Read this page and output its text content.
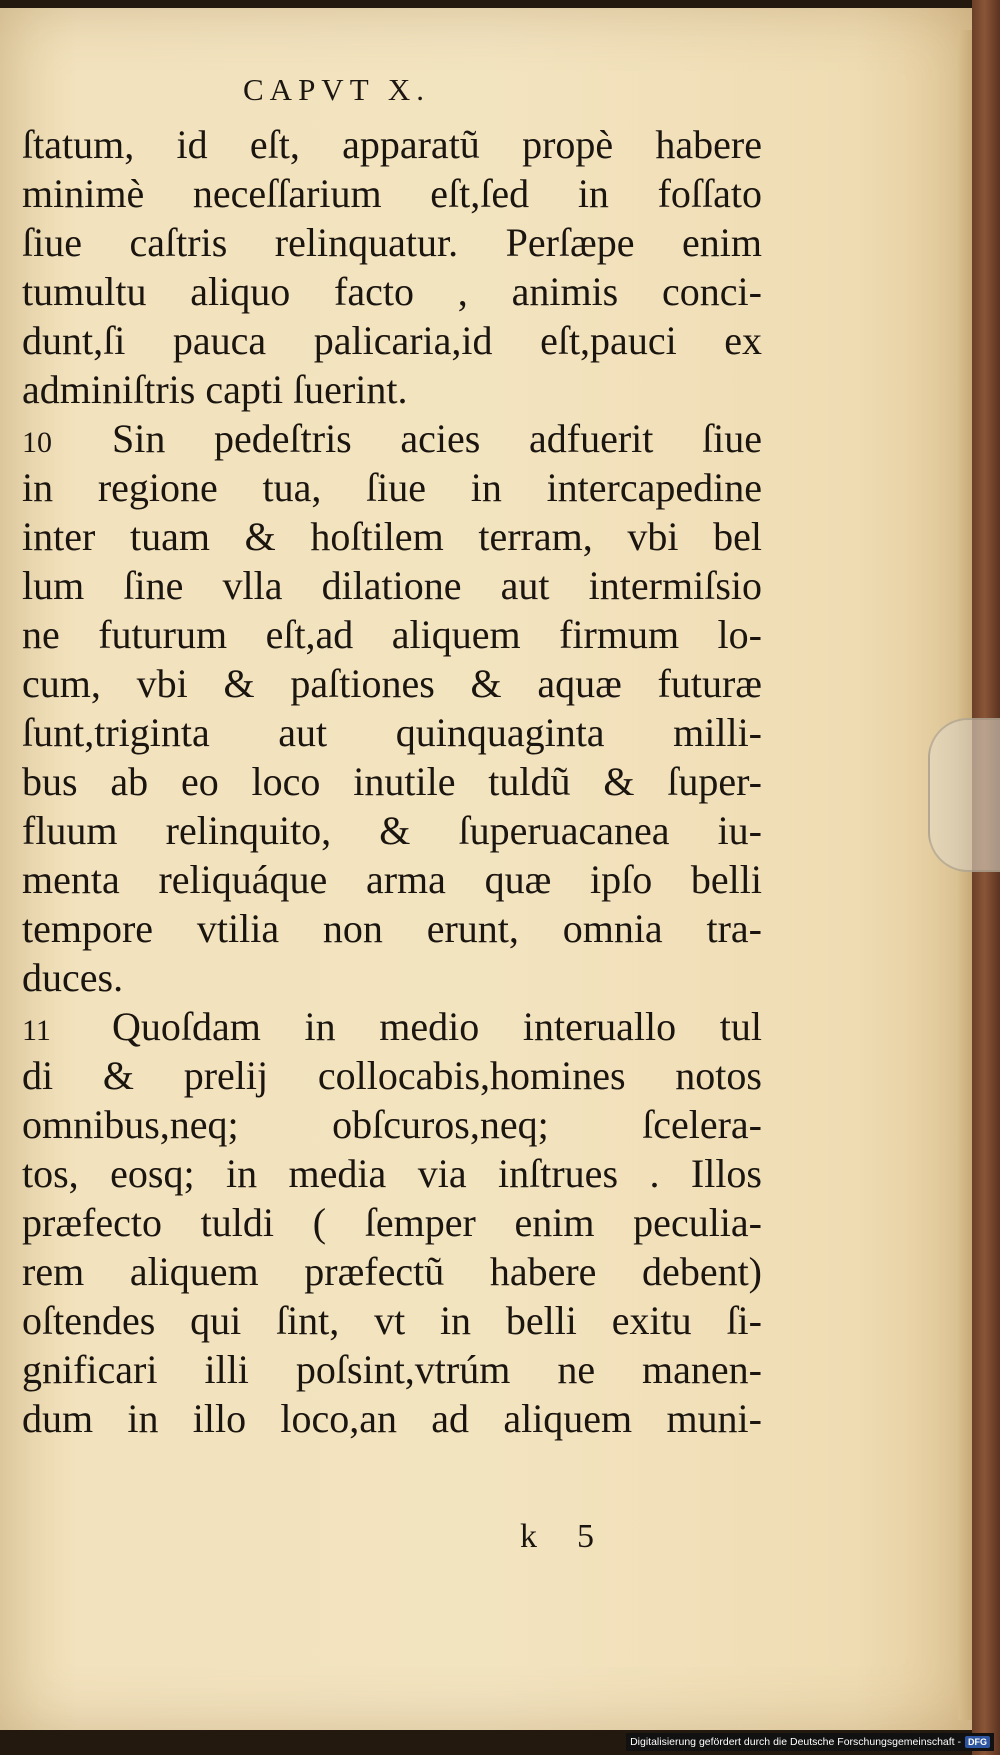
CAPVT X.
ſtatum, id eſt, apparatũ propè habere
minimè neceſſarium eſt,ſed in foſſato
ſiue caſtris relinquatur. Perſæpe enim
tumultu aliquo facto , animis conci-
dunt,ſi pauca palicaria,id eſt,pauci ex
adminiſtris capti ſuerint.
10 Sin pedeſtris acies adfuerit ſiue
in regione tua, ſiue in intercapedine
inter tuam & hoſtilem terram, vbi bel
lum ſine vlla dilatione aut intermiſsio
ne futurum eſt,ad aliquem firmum lo-
cum, vbi & paſtiones & aquæ futuræ
ſunt,triginta aut quinquaginta milli-
bus ab eo loco inutile tuldũ & ſuper-
fluum relinquito, & ſuperuacanea iu-
menta reliquáque arma quæ ipſo belli
tempore vtilia non erunt, omnia tra-
duces.
11 Quoſdam in medio interuallo tul
di & prelij collocabis,homines notos
omnibus,neq; obſcuros,neq; ſcelera-
tos, eosq; in media via inſtrues . Illos
præfecto tuldi ( ſemper enim peculia-
rem aliquem præfectũ habere debent)
oſtendes qui ſint, vt in belli exitu ſi-
gnificari illi poſsint,vtrúm ne manen-
dum in illo loco,an ad aliquem muni-
k5
Digitalisierung gefördert durch die Deutsche Forschungsgemeinschaft - DFG
